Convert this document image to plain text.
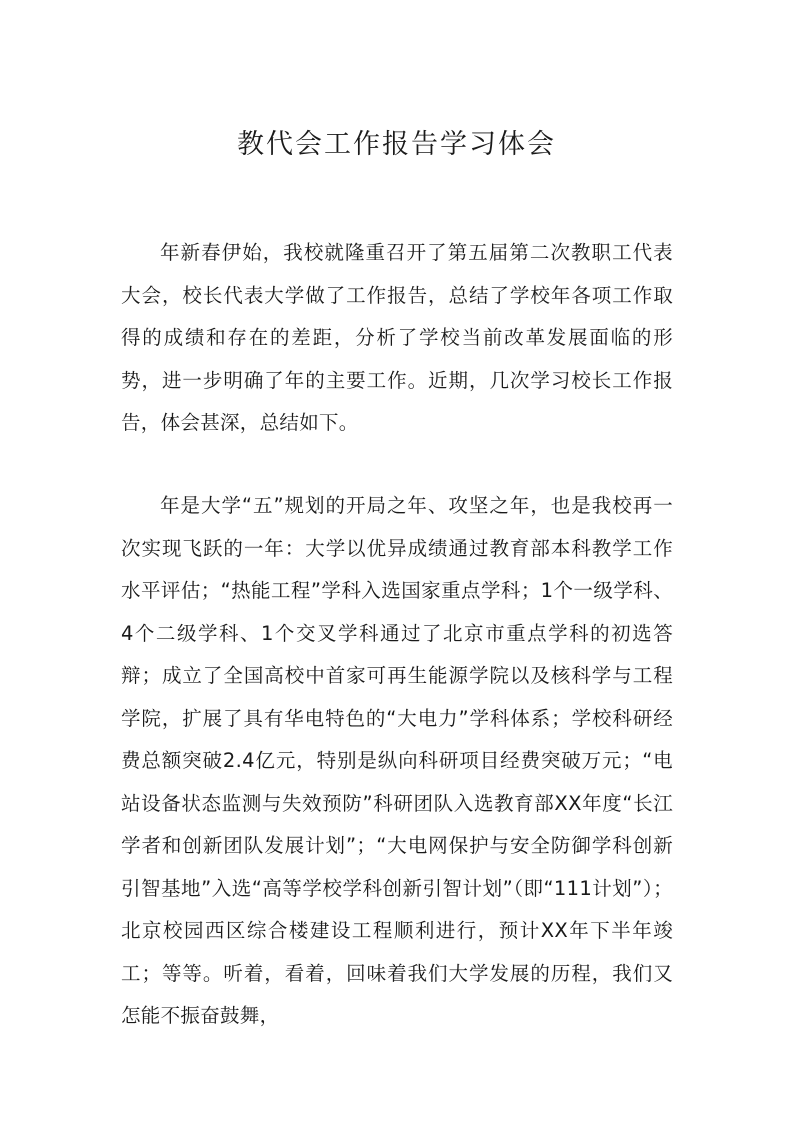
教代会工作报告学习体会

年新春伊始，我校就隆重召开了第五届第二次教职工代表大会，校长代表大学做了工作报告，总结了学校年各项工作取得的成绩和存在的差距，分析了学校当前改革发展面临的形势，进一步明确了年的主要工作。近期，几次学习校长工作报告，体会甚深，总结如下。

年是大学“五”规划的开局之年、攻坚之年，也是我校再一次实现飞跃的一年：大学以优异成绩通过教育部本科教学工作水平评估；“热能工程”学科入选国家重点学科；1个一级学科、4个二级学科、1个交叉学科通过了北京市重点学科的初选答辩；成立了全国高校中首家可再生能源学院以及核科学与工程学院，扩展了具有华电特色的“大电力”学科体系；学校科研经费总额突破2.4亿元，特别是纵向科研项目经费突破万元；“电站设备状态监测与失效预防”科研团队入选教育部XX年度“长江学者和创新团队发展计划”；“大电网保护与安全防御学科创新引智基地”入选“高等学校学科创新引智计划”（即“111计划”）；北京校园西区综合楼建设工程顺利进行，预计XX年下半年竣工；等等。听着，看着，回味着我们大学发展的历程，我们又怎能不振奋鼓舞，
